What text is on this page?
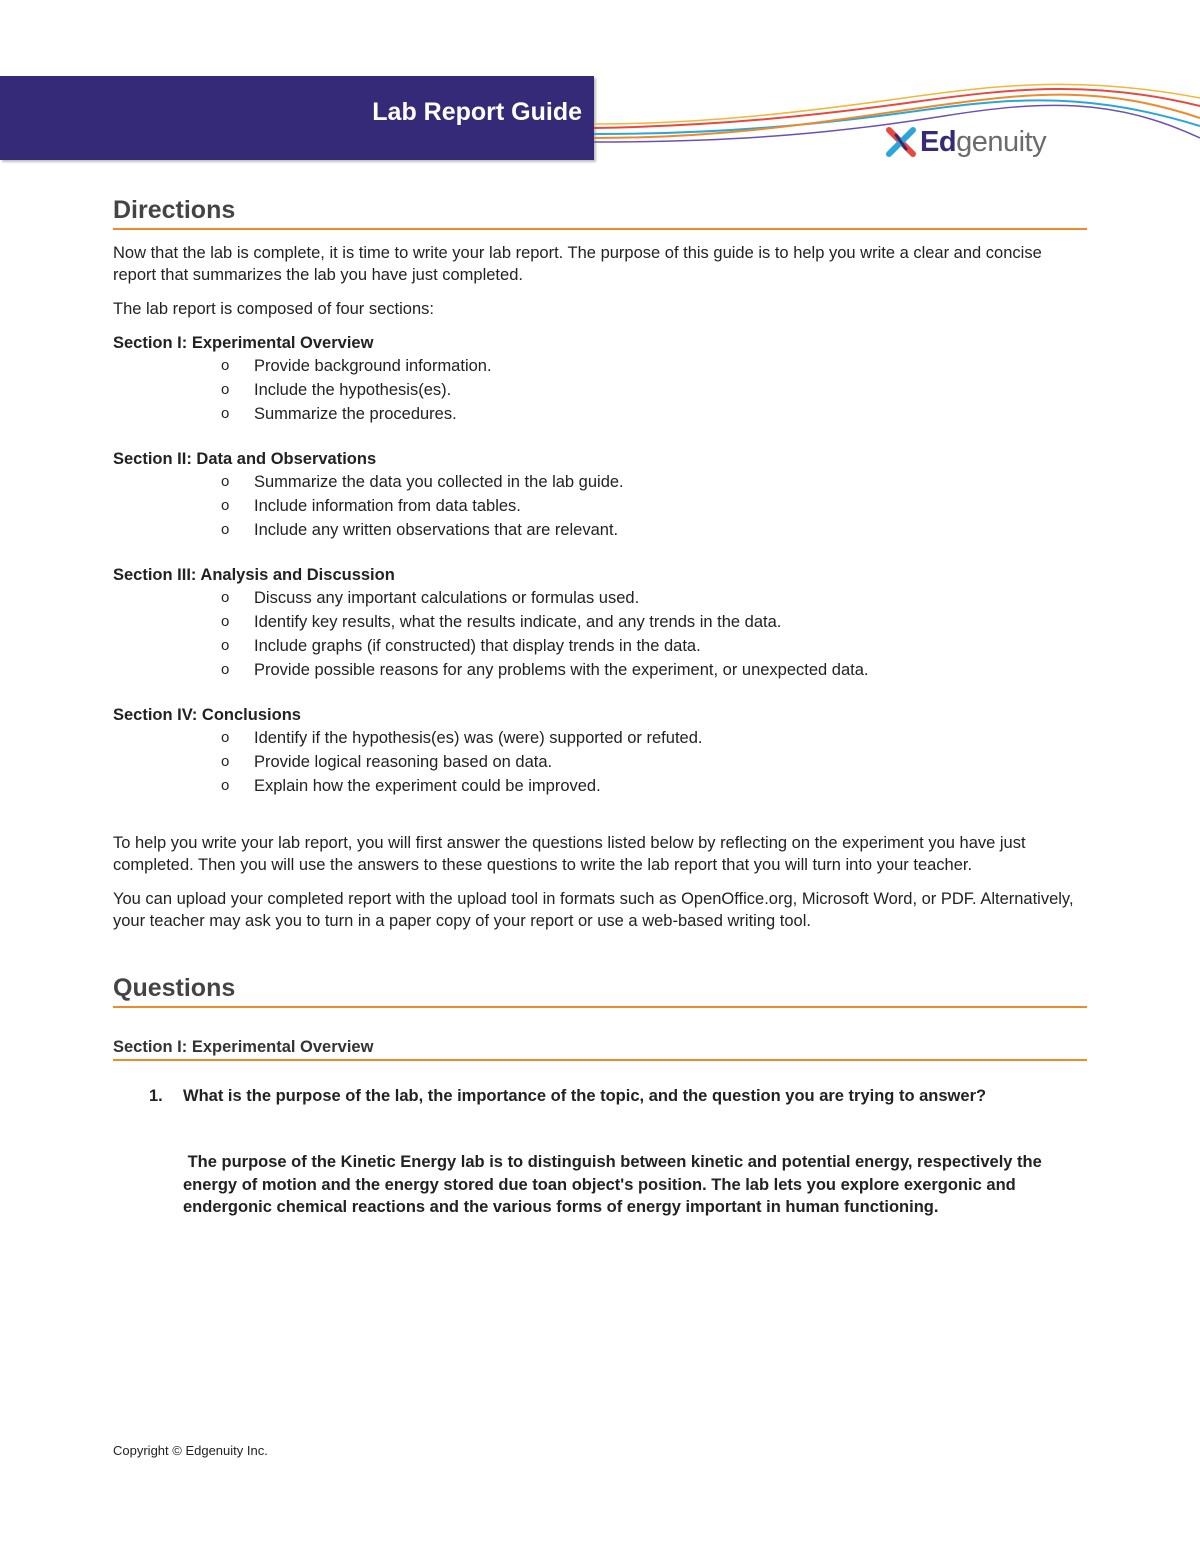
Lab Report Guide
Edgenuity
Directions

Now that the lab is complete, it is time to write your lab report. The purpose of this guide is to help you write a clear and concise report that summarizes the lab you have just completed.

The lab report is composed of four sections:

Section I: Experimental Overview
o Provide background information.
o Include the hypothesis(es).
o Summarize the procedures.
Section II: Data and Observations
o Summarize the data you collected in the lab guide.
o Include information from data tables.
o Include any written observations that are relevant.
Section III: Analysis and Discussion
o Discuss any important calculations or formulas used.
o Identify key results, what the results indicate, and any trends in the data.
o Include graphs (if constructed) that display trends in the data.
o Provide possible reasons for any problems with the experiment, or unexpected data.
Section IV: Conclusions
o Identify if the hypothesis(es) was (were) supported or refuted.
o Provide logical reasoning based on data.
o Explain how the experiment could be improved.

To help you write your lab report, you will first answer the questions listed below by reflecting on the experiment you have just completed. Then you will use the answers to these questions to write the lab report that you will turn into your teacher.

You can upload your completed report with the upload tool in formats such as OpenOffice.org, Microsoft Word, or PDF. Alternatively, your teacher may ask you to turn in a paper copy of your report or use a web-based writing tool.

Questions
Section I: Experimental Overview
1.	What is the purpose of the lab, the importance of the topic, and the question you are trying to answer?
The purpose of the Kinetic Energy lab is to distinguish between kinetic and potential energy, respectively the energy of motion and the energy stored due toan object's position. The lab lets you explore exergonic and endergonic chemical reactions and the various forms of energy important in human functioning.
Copyright © Edgenuity Inc.
